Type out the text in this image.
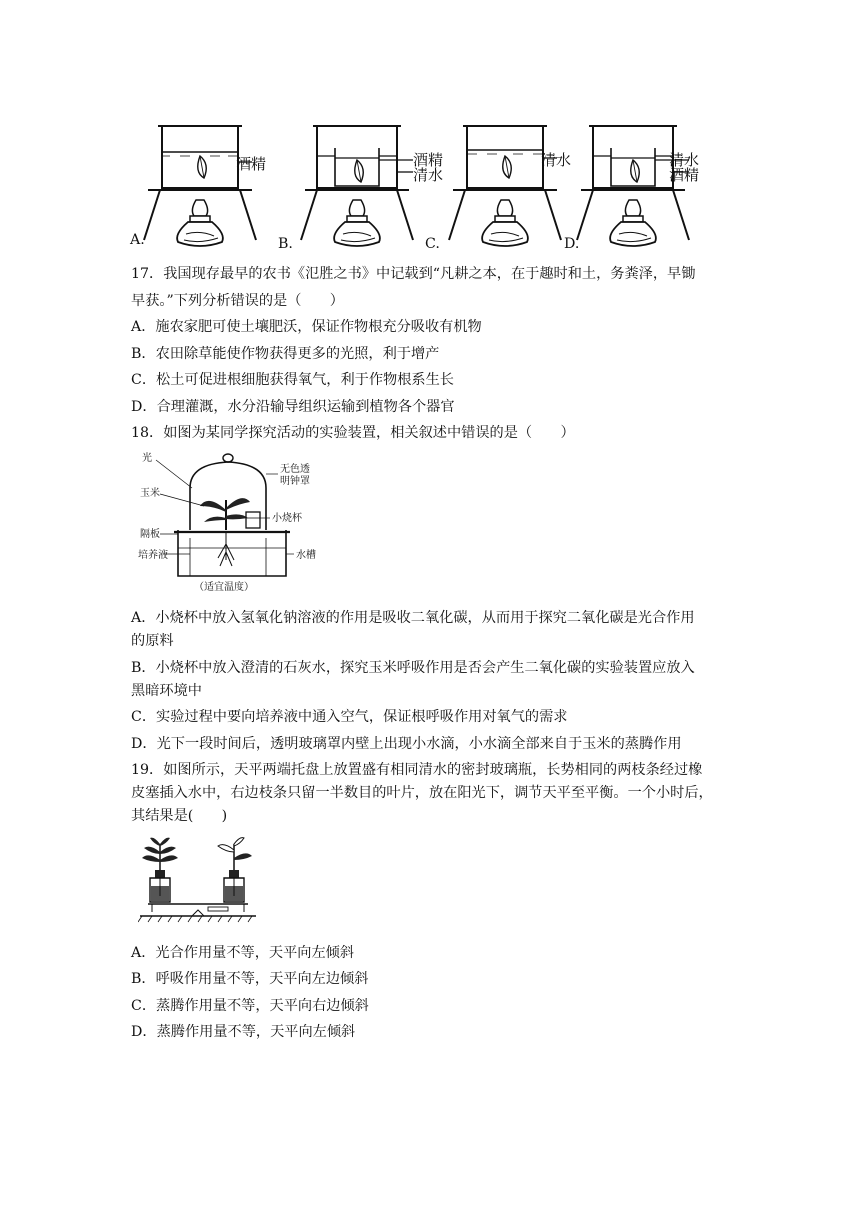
酒精	酒精
清水
清水	清水
酒精
A.	B.	C.	D.
17．我国现存最早的农书《氾胜之书》中记载到“凡耕之本，在于趣时和土，务粪泽，早锄
早获。”下列分析错误的是（　　）
A．施农家肥可使土壤肥沃，保证作物根充分吸收有机物
B．农田除草能使作物获得更多的光照，利于增产
C．松土可促进根细胞获得氧气，利于作物根系生长
D．合理灌溉，水分沿输导组织运输到植物各个器官
18．如图为某同学探究活动的实验装置，相关叙述中错误的是（　　）
光
玉米
隔板
培养液
无色透
明钟罩
小烧杯
水槽
（适宜温度）
A．小烧杯中放入氢氧化钠溶液的作用是吸收二氧化碳，从而用于探究二氧化碳是光合作用
的原料
B．小烧杯中放入澄清的石灰水，探究玉米呼吸作用是否会产生二氧化碳的实验装置应放入
黑暗环境中
C．实验过程中要向培养液中通入空气，保证根呼吸作用对氧气的需求
D．光下一段时间后，透明玻璃罩内壁上出现小水滴，小水滴全部来自于玉米的蒸腾作用
19．如图所示，天平两端托盘上放置盛有相同清水的密封玻璃瓶，长势相同的两枝条经过橡
皮塞插入水中，右边枝条只留一半数目的叶片，放在阳光下，调节天平至平衡。一个小时后，
其结果是(　　)
A．光合作用量不等，天平向左倾斜
B．呼吸作用量不等，天平向左边倾斜
C．蒸腾作用量不等，天平向右边倾斜
D．蒸腾作用量不等，天平向左倾斜
